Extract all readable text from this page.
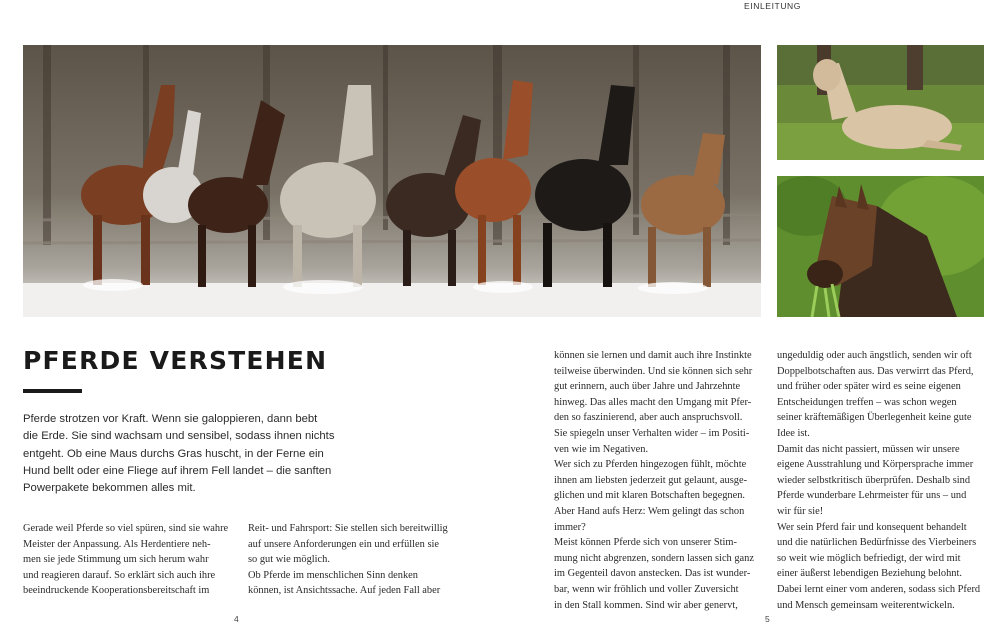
EINLEITUNG
PFERDE VERSTEHEN

Pferde strotzen vor Kraft. Wenn sie galoppieren, dann bebt
die Erde. Sie sind wachsam und sensibel, sodass ihnen nichts
entgeht. Ob eine Maus durchs Gras huscht, in der Ferne ein
Hund bellt oder eine Fliege auf ihrem Fell landet – die sanften
Powerpakete bekommen alles mit.

Gerade weil Pferde so viel spüren, sind sie wahre
Meister der Anpassung. Als Herdentiere neh-
men sie jede Stimmung um sich herum wahr
und reagieren darauf. So erklärt sich auch ihre
beeindruckende Kooperationsbereitschaft im

Reit- und Fahrsport: Sie stellen sich bereitwillig
auf unsere Anforderungen ein und erfüllen sie
so gut wie möglich.
Ob Pferde im menschlichen Sinn denken
können, ist Ansichtssache. Auf jeden Fall aber

können sie lernen und damit auch ihre Instinkte
teilweise überwinden. Und sie können sich sehr
gut erinnern, auch über Jahre und Jahrzehnte
hinweg. Das alles macht den Umgang mit Pfer-
den so faszinierend, aber auch anspruchsvoll.
Sie spiegeln unser Verhalten wider – im Positi-
ven wie im Negativen.
Wer sich zu Pferden hingezogen fühlt, möchte
ihnen am liebsten jederzeit gut gelaunt, ausge-
glichen und mit klaren Botschaften begegnen.
Aber Hand aufs Herz: Wem gelingt das schon
immer?
Meist können Pferde sich von unserer Stim-
mung nicht abgrenzen, sondern lassen sich ganz
im Gegenteil davon anstecken. Das ist wunder-
bar, wenn wir fröhlich und voller Zuversicht
in den Stall kommen. Sind wir aber genervt,

ungeduldig oder auch ängstlich, senden wir oft
Doppelbotschaften aus. Das verwirrt das Pferd,
und früher oder später wird es seine eigenen
Entscheidungen treffen – was schon wegen
seiner kräftemäßigen Überlegenheit keine gute
Idee ist.
Damit das nicht passiert, müssen wir unsere
eigene Ausstrahlung und Körpersprache immer
wieder selbstkritisch überprüfen. Deshalb sind
Pferde wunderbare Lehrmeister für uns – und
wir für sie!
Wer sein Pferd fair und konsequent behandelt
und die natürlichen Bedürfnisse des Vierbeiners
so weit wie möglich befriedigt, der wird mit
einer äußerst lebendigen Beziehung belohnt.
Dabei lernt einer vom anderen, sodass sich Pferd
und Mensch gemeinsam weiterentwickeln.

4	5
